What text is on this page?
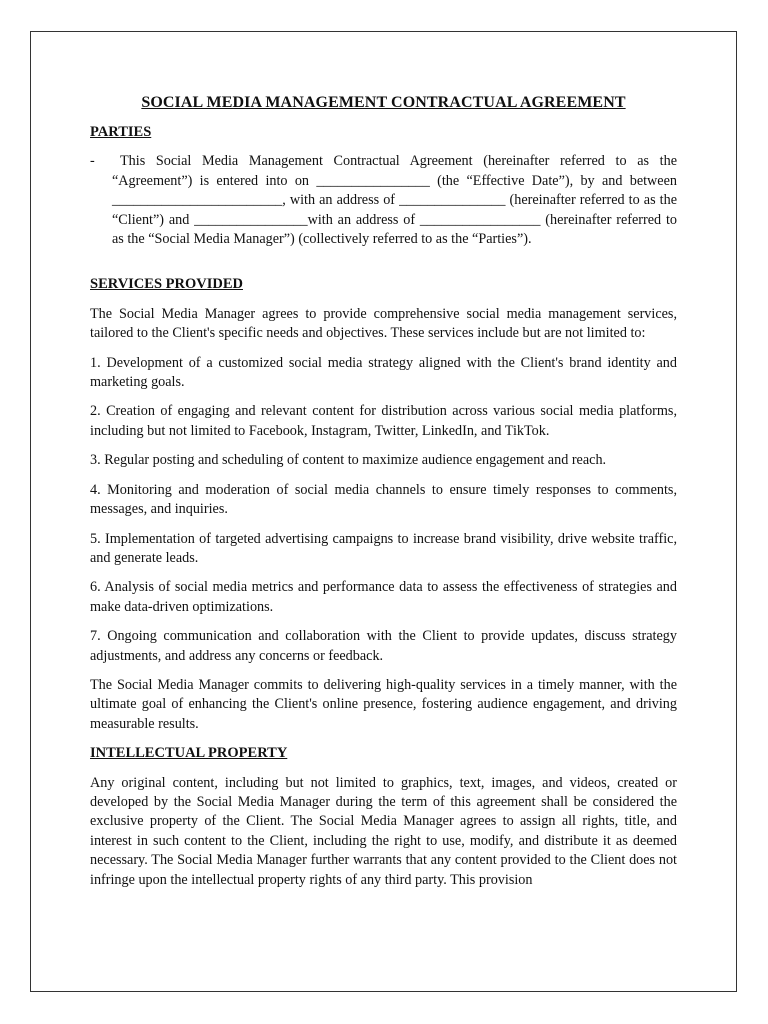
SOCIAL MEDIA MANAGEMENT CONTRACTUAL AGREEMENT
PARTIES
-	This Social Media Management Contractual Agreement (hereinafter referred to as the “Agreement”) is entered into on ________________ (the “Effective Date”), by and between ________________________, with an address of _______________ (hereinafter referred to as the “Client”) and ________________with an address of _________________ (hereinafter referred to as the “Social Media Manager”) (collectively referred to as the “Parties”).
SERVICES PROVIDED

The Social Media Manager agrees to provide comprehensive social media management services, tailored to the Client's specific needs and objectives. These services include but are not limited to:

1. Development of a customized social media strategy aligned with the Client's brand identity and marketing goals.

2. Creation of engaging and relevant content for distribution across various social media platforms, including but not limited to Facebook, Instagram, Twitter, LinkedIn, and TikTok.

3. Regular posting and scheduling of content to maximize audience engagement and reach.

4. Monitoring and moderation of social media channels to ensure timely responses to comments, messages, and inquiries.

5. Implementation of targeted advertising campaigns to increase brand visibility, drive website traffic, and generate leads.

6. Analysis of social media metrics and performance data to assess the effectiveness of strategies and make data-driven optimizations.

7. Ongoing communication and collaboration with the Client to provide updates, discuss strategy adjustments, and address any concerns or feedback.

The Social Media Manager commits to delivering high-quality services in a timely manner, with the ultimate goal of enhancing the Client's online presence, fostering audience engagement, and driving measurable results.

INTELLECTUAL PROPERTY

Any original content, including but not limited to graphics, text, images, and videos, created or developed by the Social Media Manager during the term of this agreement shall be considered the exclusive property of the Client. The Social Media Manager agrees to assign all rights, title, and interest in such content to the Client, including the right to use, modify, and distribute it as deemed necessary. The Social Media Manager further warrants that any content provided to the Client does not infringe upon the intellectual property rights of any third party. This provision
